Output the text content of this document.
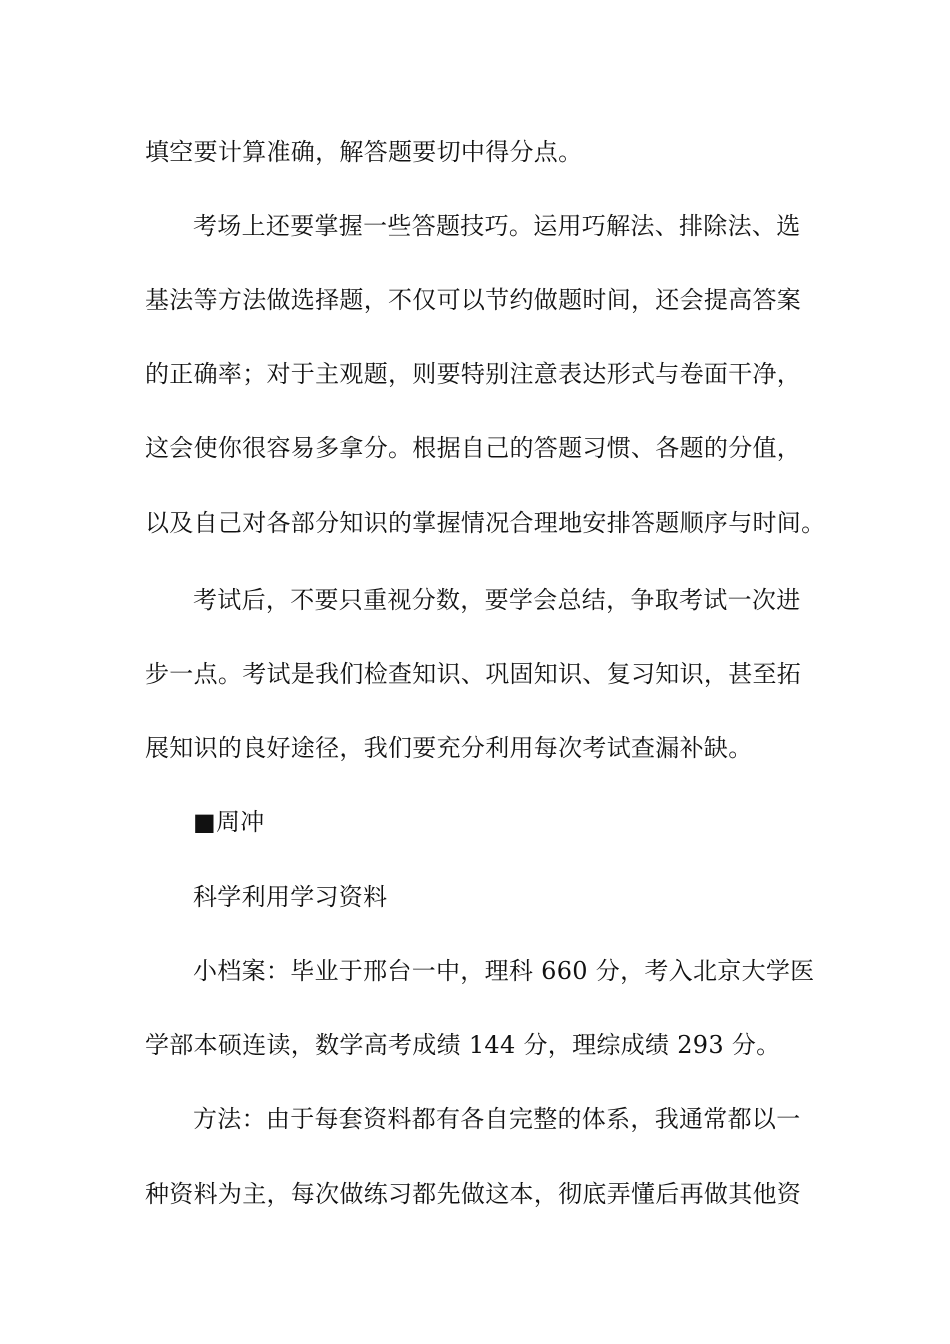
填空要计算准确，解答题要切中得分点。
考场上还要掌握一些答题技巧。运用巧解法、排除法、选
基法等方法做选择题，不仅可以节约做题时间，还会提高答案
的正确率；对于主观题，则要特别注意表达形式与卷面干净，
这会使你很容易多拿分。根据自己的答题习惯、各题的分值，
以及自己对各部分知识的掌握情况合理地安排答题顺序与时间。
考试后，不要只重视分数，要学会总结，争取考试一次进
步一点。考试是我们检查知识、巩固知识、复习知识，甚至拓
展知识的良好途径，我们要充分利用每次考试查漏补缺。
■周冲
科学利用学习资料
小档案：毕业于邢台一中，理科 660 分，考入北京大学医
学部本硕连读，数学高考成绩 144 分，理综成绩 293 分。
方法：由于每套资料都有各自完整的体系，我通常都以一
种资料为主，每次做练习都先做这本，彻底弄懂后再做其他资
